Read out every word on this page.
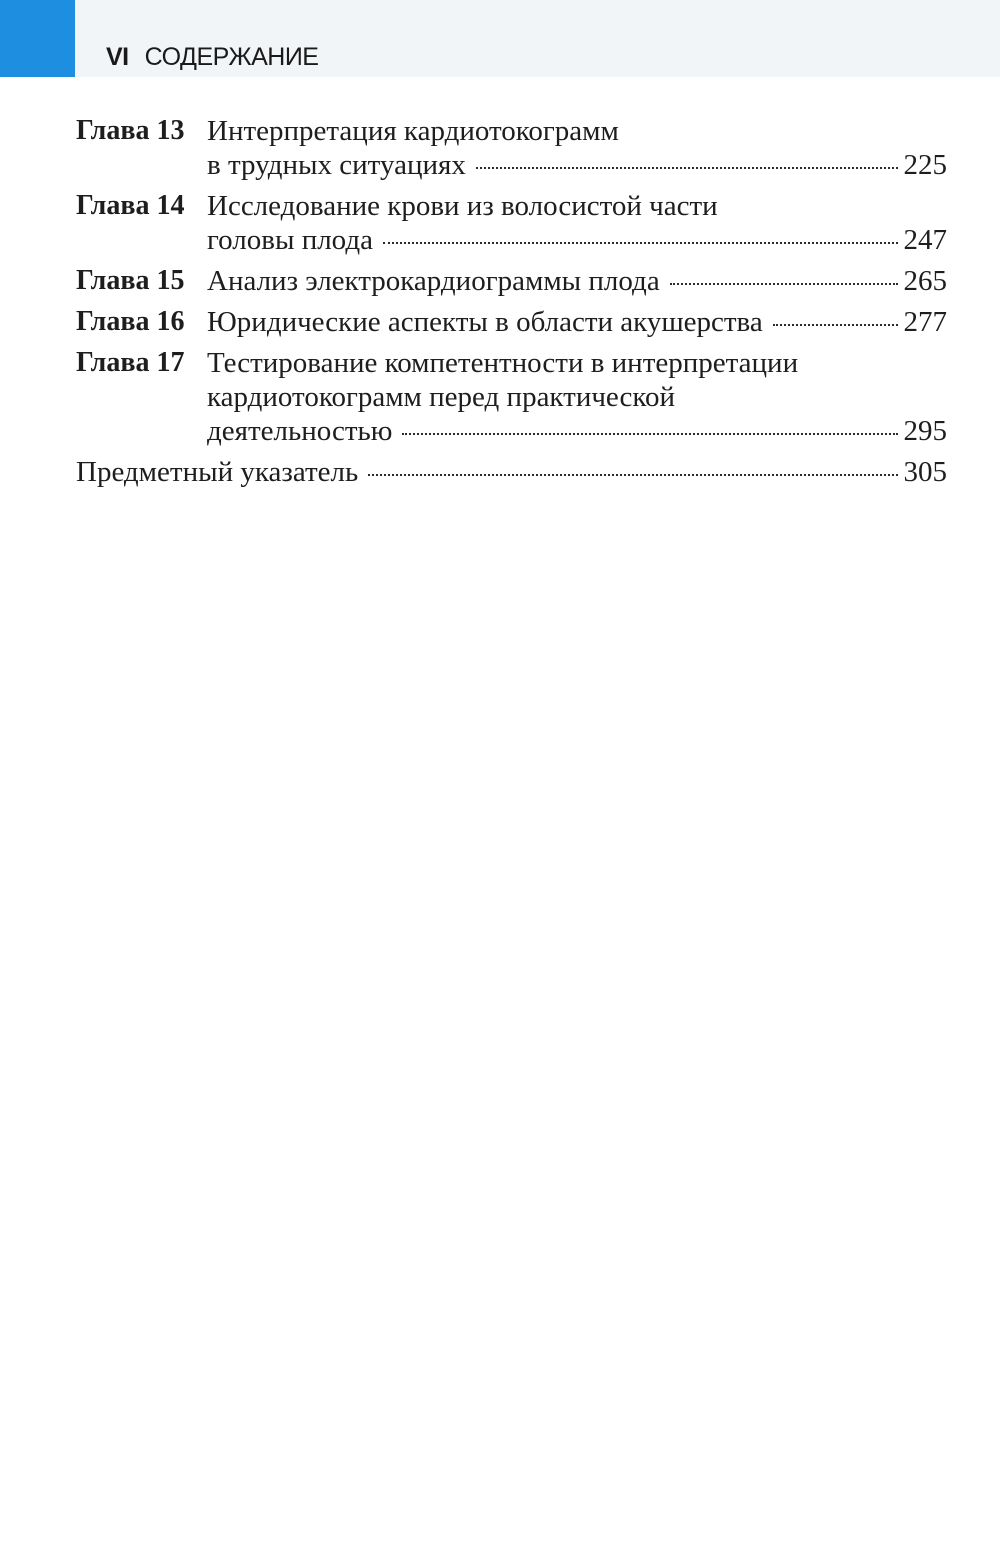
VI СОДЕРЖАНИЕ
Глава 13 Интерпретация кардиотокограмм
в трудных ситуациях	225
Глава 14 Исследование крови из волосистой части
головы плода	247
Глава 15 Анализ электрокардиограммы плода	265
Глава 16 Юридические аспекты в области акушерства	277
Глава 17 Тестирование компетентности в интерпретации
кардиотокограмм перед практической
деятельностью	295
Предметный указатель	305
